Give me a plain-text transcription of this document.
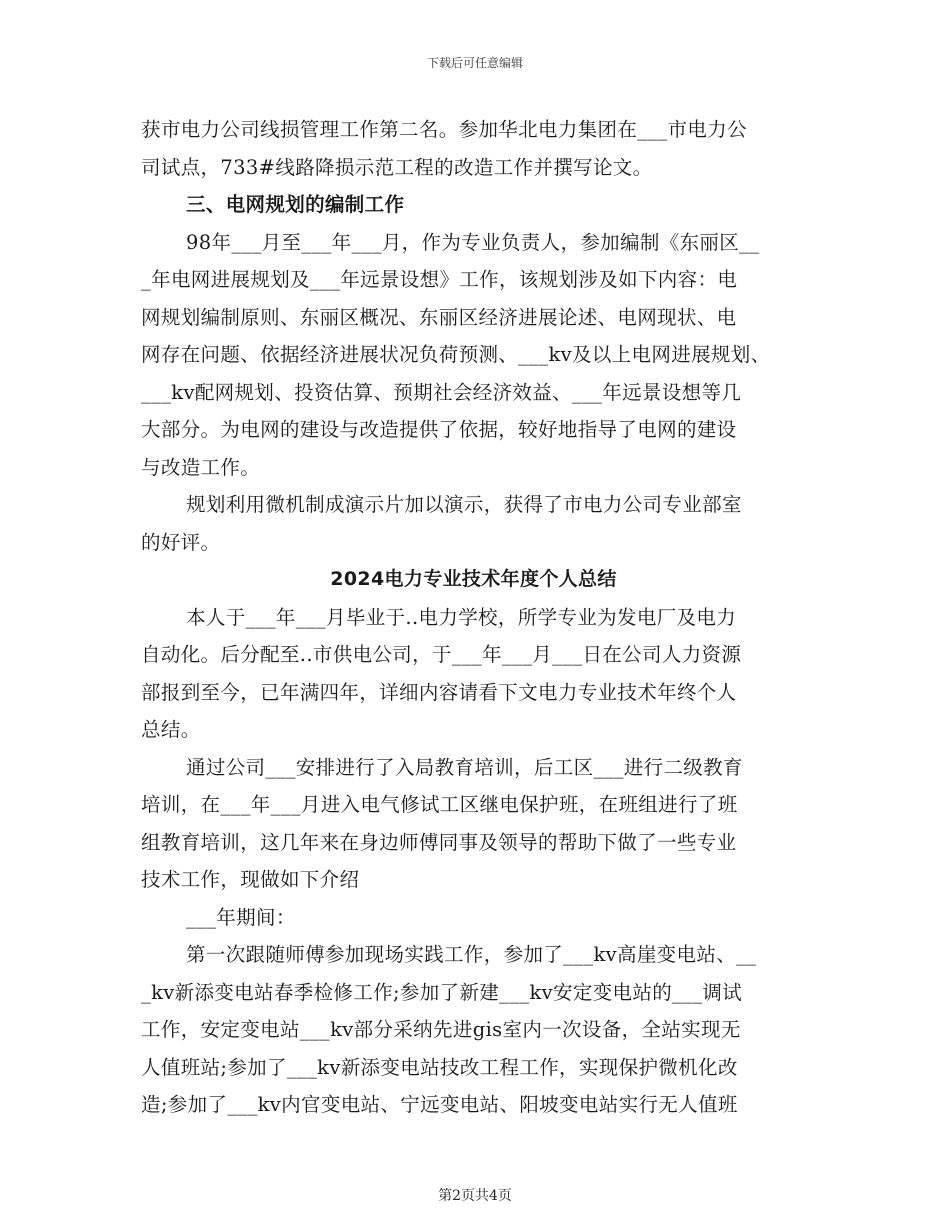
下载后可任意编辑
获市电力公司线损管理工作第二名。参加华北电力集团在___市电力公
司试点，733#线路降损示范工程的改造工作并撰写论文。
三、电网规划的编制工作
98年___月至___年___月，作为专业负责人，参加编制《东丽区__
_年电网进展规划及___年远景设想》工作，该规划涉及如下内容：电
网规划编制原则、东丽区概况、东丽区经济进展论述、电网现状、电
网存在问题、依据经济进展状况负荷预测、___kv及以上电网进展规划、
___kv配网规划、投资估算、预期社会经济效益、___年远景设想等几
大部分。为电网的建设与改造提供了依据，较好地指导了电网的建设
与改造工作。
规划利用微机制成演示片加以演示，获得了市电力公司专业部室
的好评。
2024电力专业技术年度个人总结
本人于___年___月毕业于..电力学校，所学专业为发电厂及电力
自动化。后分配至..市供电公司，于___年___月___日在公司人力资源
部报到至今，已年满四年，详细内容请看下文电力专业技术年终个人
总结。
通过公司___安排进行了入局教育培训，后工区___进行二级教育
培训，在___年___月进入电气修试工区继电保护班，在班组进行了班
组教育培训，这几年来在身边师傅同事及领导的帮助下做了一些专业
技术工作，现做如下介绍
___年期间：
第一次跟随师傅参加现场实践工作，参加了___kv高崖变电站、__
_kv新添变电站春季检修工作;参加了新建___kv安定变电站的___调试
工作，安定变电站___kv部分采纳先进gis室内一次设备，全站实现无
人值班站;参加了___kv新添变电站技改工程工作，实现保护微机化改
造;参加了___kv内官变电站、宁远变电站、阳坡变电站实行无人值班
第2页共4页
